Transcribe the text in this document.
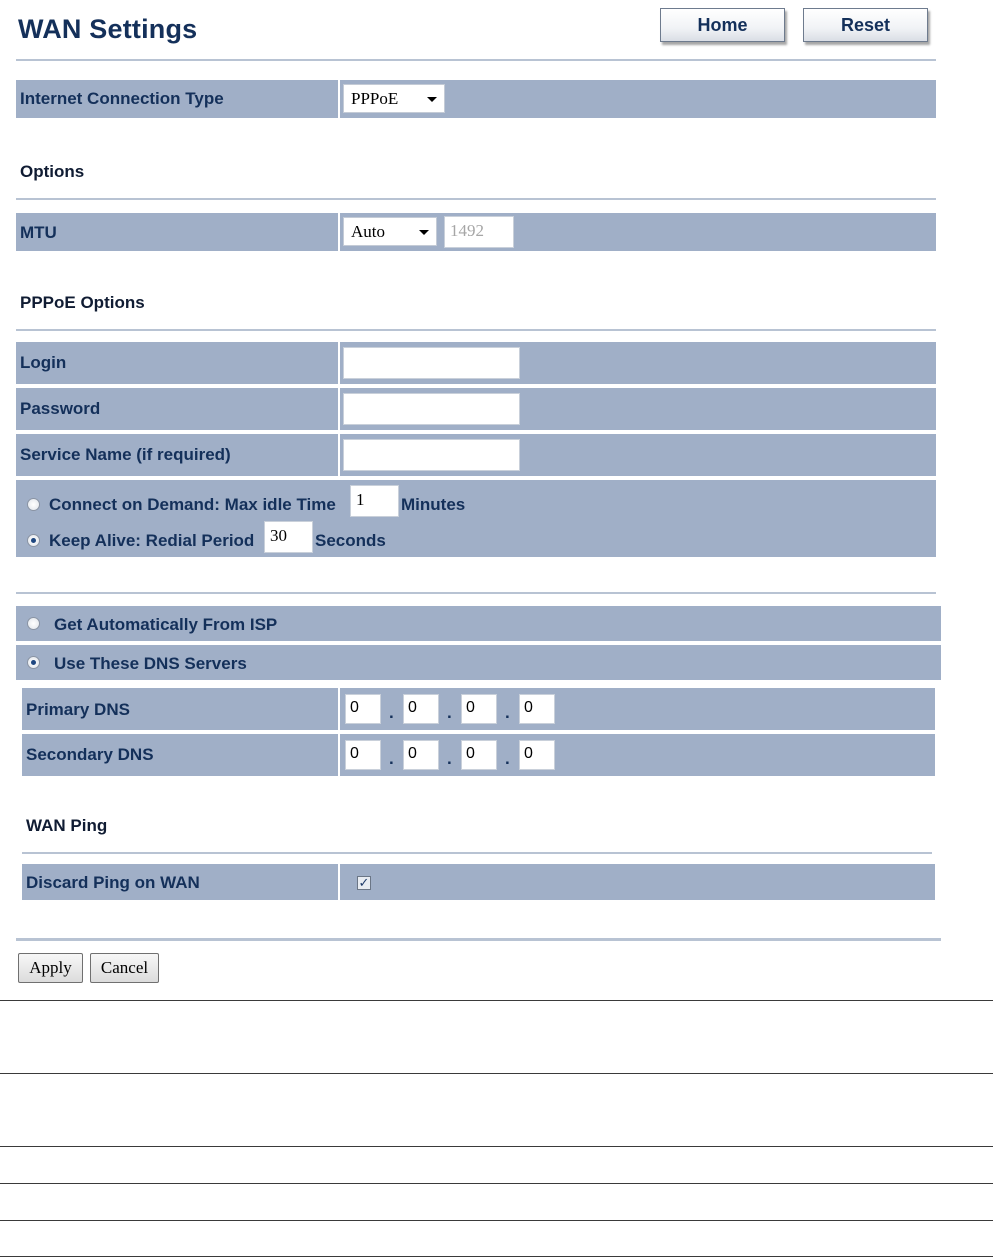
WAN Settings	Home	Reset
Internet Connection Type	PPPoE
Options
MTU	Auto	1492
PPPoE Options
Login
Password
Service Name (if required)
Connect on Demand: Max idle Time	1	Minutes
Keep Alive: Redial Period 30	Seconds
Get Automatically From ISP
Use These DNS Servers
Primary DNS	0	. 0	. 0	. 0
Secondary DNS	0	. 0	. 0	. 0
WAN Ping
Discard Ping on WAN	✓
Apply	Cancel
